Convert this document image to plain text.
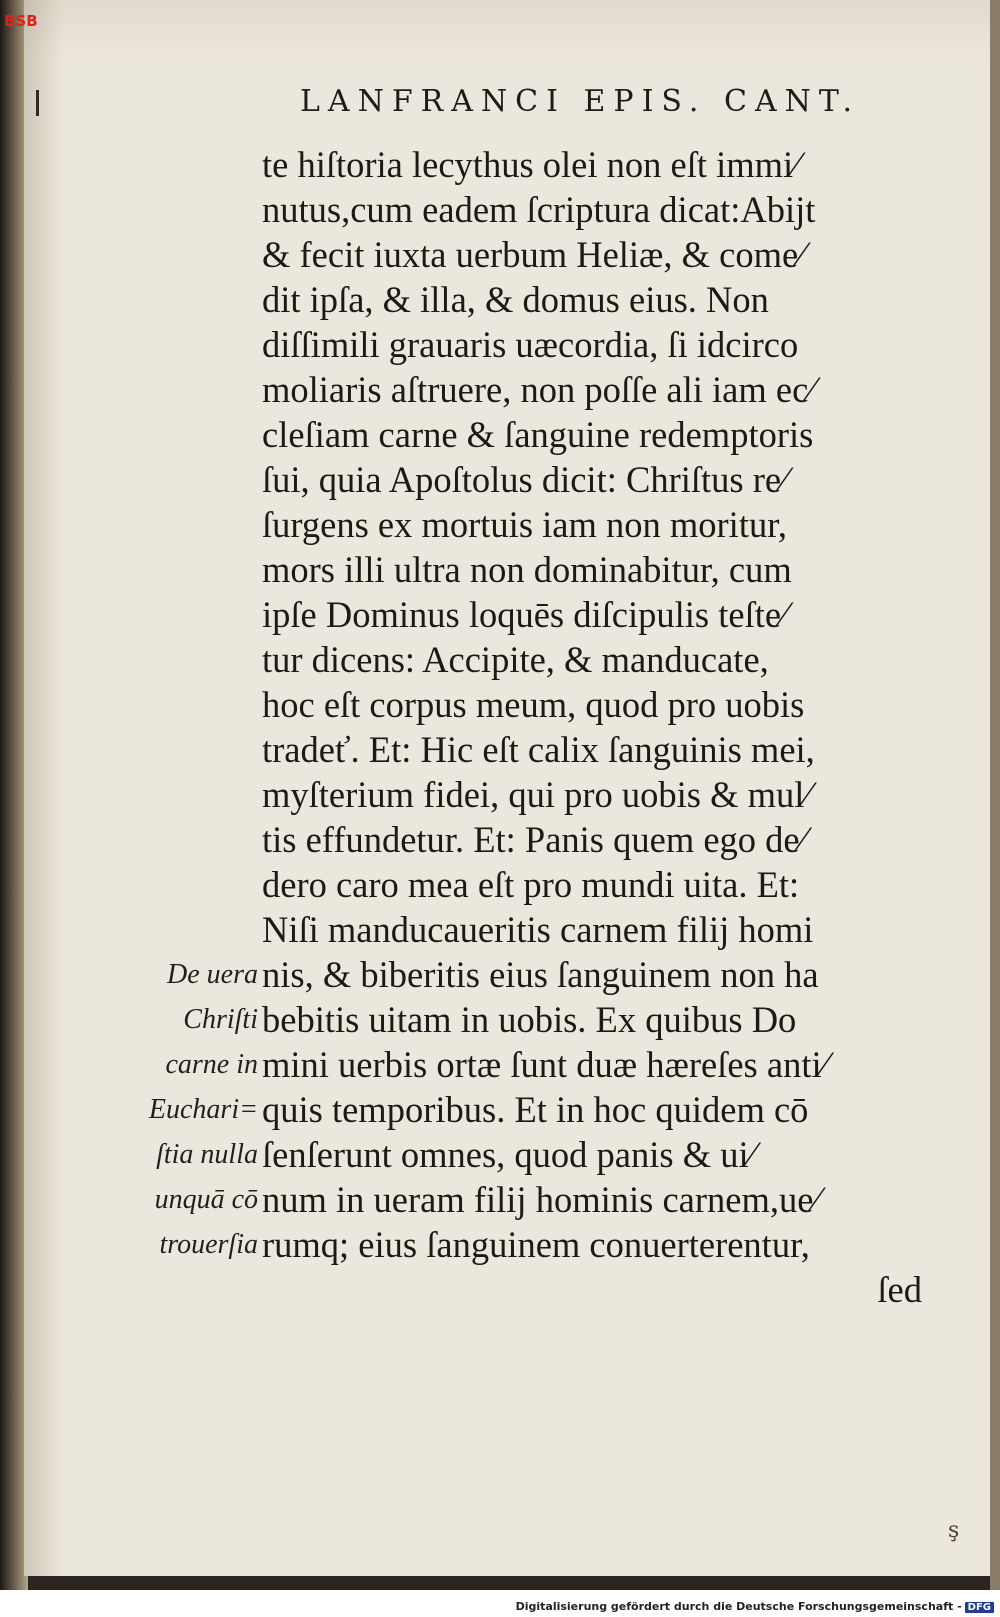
BSB
LANFRANCI EPIS. CANT.
te hiſtoria lecythus olei non eſt immi⁄
nutus,cum eadem ſcriptura dicat:Abijt
& fecit iuxta uerbum Heliæ, & come⁄
dit ipſa, & illa, & domus eius. Non
diſſimili grauaris uæcordia, ſi idcirco
moliaris aſtruere, non poſſe ali iam ec⁄
cleſiam carne & ſanguine redemptoris
ſui, quia Apoſtolus dicit: Chriſtus re⁄
ſurgens ex mortuis iam non moritur,
mors illi ultra non dominabitur, cum
ipſe Dominus loquēs diſcipulis teſte⁄
tur dicens: Accipite, & manducate,
hoc eſt corpus meum, quod pro uobis
tradeť. Et: Hic eſt calix ſanguinis mei,
myſterium fidei, qui pro uobis & mul⁄
tis effundetur. Et: Panis quem ego de⁄
dero caro mea eſt pro mundi uita. Et:
Niſi manducaueritis carnem filij homi
nis, & biberitis eius ſanguinem non ha
bebitis uitam in uobis. Ex quibus Do
mini uerbis ortæ ſunt duæ hæreſes anti⁄
quis temporibus. Et in hoc quidem cō
ſenſerunt omnes, quod panis & ui⁄
num in ueram filij hominis carnem,ue⁄
rumq; eius ſanguinem conuerterentur,
ſed
De uera
Chriſti
carne in
Euchari=
ſtia nulla
unquā cō
trouerſia
ş
Digitalisierung gefördert durch die Deutsche Forschungsgemeinschaft - DFG
